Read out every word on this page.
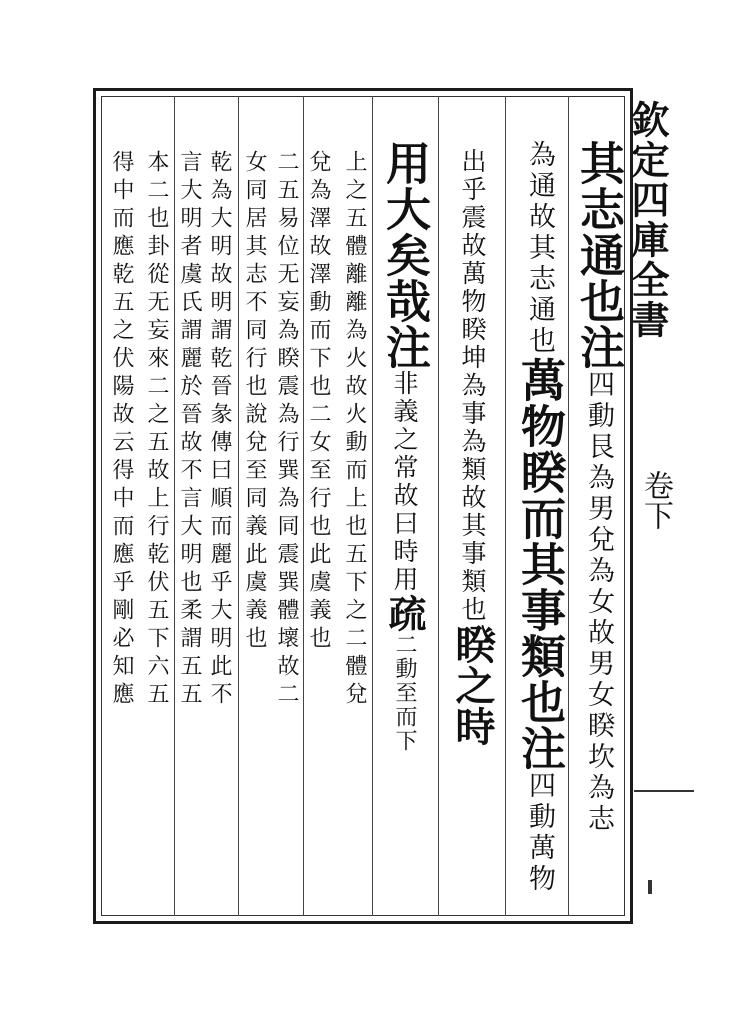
欽定四庫全書
卷下
其志通也注四動艮為男兌為女故男女睽坎為志
為通故其志通也萬物睽而其事類也注四動萬物
出乎震故萬物睽坤為事為類故其事類也睽之時
用大矣哉注非義之常故曰時用疏二動至而下
上之五體離離為火故火動而上也五下之二體兌
兌為澤故澤動而下也二女至行也此虞義也
二五易位无妄為睽震為行巽為同震巽體壞故二
女同居其志不同行也說兌至同義此虞義也
乾為大明故明謂乾晉彖傳曰順而麗乎大明此不
言大明者虞氏謂麗於晉故不言大明也柔謂五五
本二也卦從无妄來二之五故上行乾伏五下六五
得中而應乾五之伏陽故云得中而應乎剛必知應
